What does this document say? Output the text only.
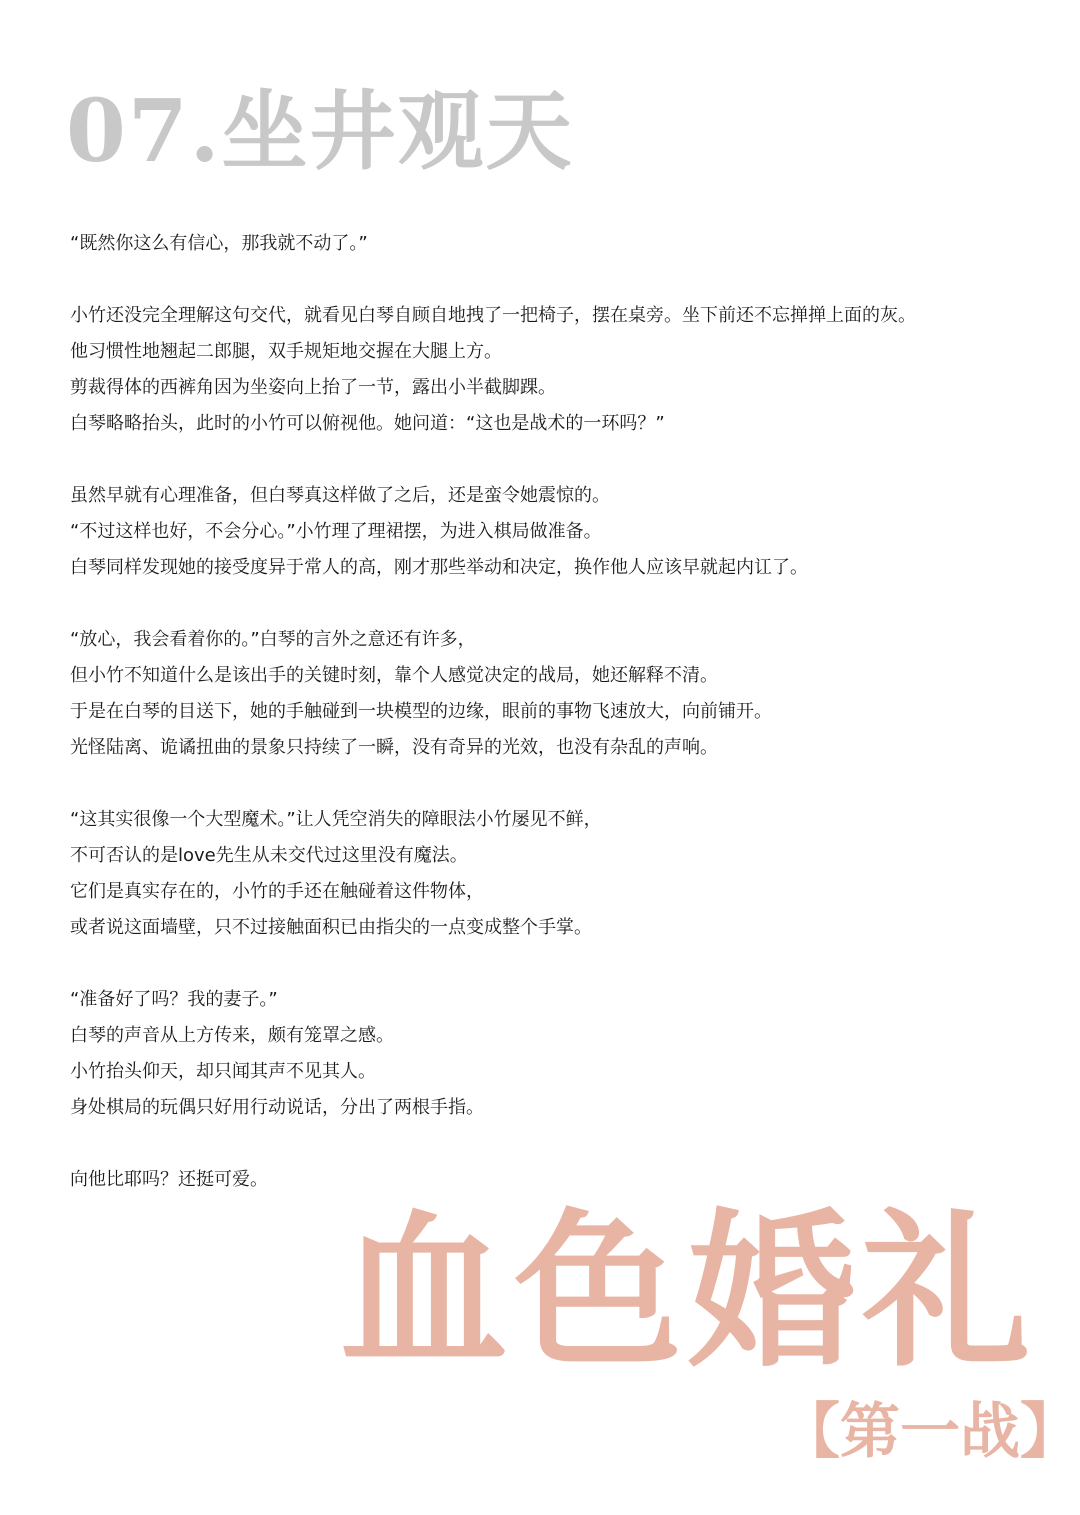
07.坐井观天
“既然你这么有信心，那我就不动了。”
小竹还没完全理解这句交代，就看见白琴自顾自地拽了一把椅子，摆在桌旁。坐下前还不忘掸掸上面的灰。
他习惯性地翘起二郎腿，双手规矩地交握在大腿上方。
剪裁得体的西裤角因为坐姿向上抬了一节，露出小半截脚踝。
白琴略略抬头，此时的小竹可以俯视他。她问道：“这也是战术的一环吗？”
虽然早就有心理准备，但白琴真这样做了之后，还是蛮令她震惊的。
“不过这样也好，不会分心。”小竹理了理裙摆，为进入棋局做准备。
白琴同样发现她的接受度异于常人的高，刚才那些举动和决定，换作他人应该早就起内讧了。
“放心，我会看着你的。”白琴的言外之意还有许多，
但小竹不知道什么是该出手的关键时刻，靠个人感觉决定的战局，她还解释不清。
于是在白琴的目送下，她的手触碰到一块模型的边缘，眼前的事物飞速放大，向前铺开。
光怪陆离、诡谲扭曲的景象只持续了一瞬，没有奇异的光效，也没有杂乱的声响。
“这其实很像一个大型魔术。”让人凭空消失的障眼法小竹屡见不鲜，
不可否认的是love先生从未交代过这里没有魔法。
它们是真实存在的，小竹的手还在触碰着这件物体，
或者说这面墙壁，只不过接触面积已由指尖的一点变成整个手掌。
“准备好了吗？我的妻子。”
白琴的声音从上方传来，颇有笼罩之感。
小竹抬头仰天，却只闻其声不见其人。
身处棋局的玩偶只好用行动说话，分出了两根手指。
向他比耶吗？还挺可爱。
血色婚礼
【第一战】
